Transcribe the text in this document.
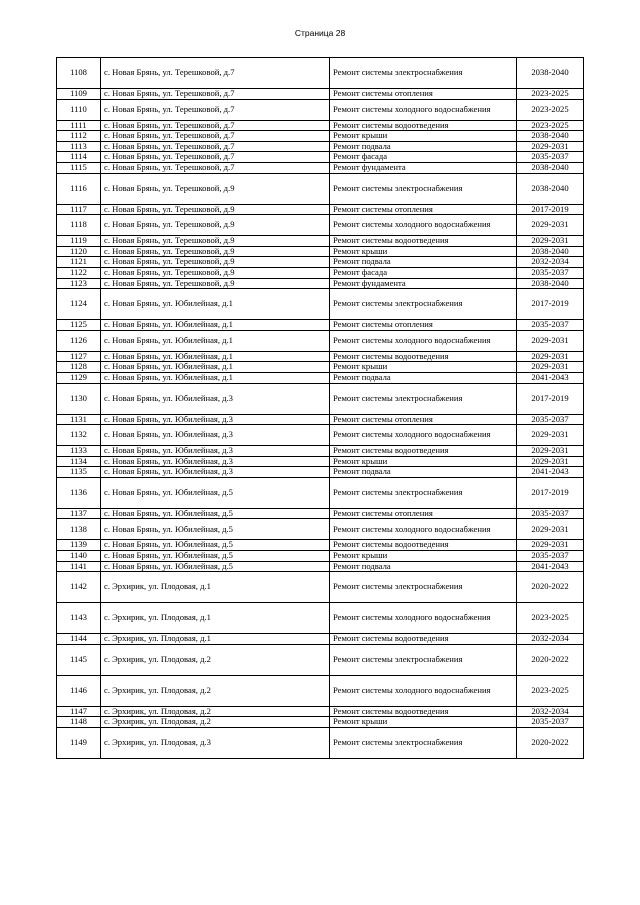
Страница 28
1108	с. Новая Брянь, ул. Терешковой, д.7	Ремонт системы электроснабжения	2038-2040
1109	с. Новая Брянь, ул. Терешковой, д.7	Ремонт системы отопления	2023-2025
1110	с. Новая Брянь, ул. Терешковой, д.7	Ремонт системы холодного водоснабжения	2023-2025
1111	с. Новая Брянь, ул. Терешковой, д.7	Ремонт системы водоотведения	2023-2025
1112	с. Новая Брянь, ул. Терешковой, д.7	Ремонт крыши	2038-2040
1113	с. Новая Брянь, ул. Терешковой, д.7	Ремонт подвала	2029-2031
1114	с. Новая Брянь, ул. Терешковой, д.7	Ремонт фасада	2035-2037
1115	с. Новая Брянь, ул. Терешковой, д.7	Ремонт фундамента	2038-2040
1116	с. Новая Брянь, ул. Терешковой, д.9	Ремонт системы электроснабжения	2038-2040
1117	с. Новая Брянь, ул. Терешковой, д.9	Ремонт системы отопления	2017-2019
1118	с. Новая Брянь, ул. Терешковой, д.9	Ремонт системы холодного водоснабжения	2029-2031
1119	с. Новая Брянь, ул. Терешковой, д.9	Ремонт системы водоотведения	2029-2031
1120	с. Новая Брянь, ул. Терешковой, д.9	Ремонт крыши	2038-2040
1121	с. Новая Брянь, ул. Терешковой, д.9	Ремонт подвала	2032-2034
1122	с. Новая Брянь, ул. Терешковой, д.9	Ремонт фасада	2035-2037
1123	с. Новая Брянь, ул. Терешковой, д.9	Ремонт фундамента	2038-2040
1124	с. Новая Брянь, ул. Юбилейная, д.1	Ремонт системы электроснабжения	2017-2019
1125	с. Новая Брянь, ул. Юбилейная, д.1	Ремонт системы отопления	2035-2037
1126	с. Новая Брянь, ул. Юбилейная, д.1	Ремонт системы холодного водоснабжения	2029-2031
1127	с. Новая Брянь, ул. Юбилейная, д.1	Ремонт системы водоотведения	2029-2031
1128	с. Новая Брянь, ул. Юбилейная, д.1	Ремонт крыши	2029-2031
1129	с. Новая Брянь, ул. Юбилейная, д.1	Ремонт подвала	2041-2043
1130	с. Новая Брянь, ул. Юбилейная, д.3	Ремонт системы электроснабжения	2017-2019
1131	с. Новая Брянь, ул. Юбилейная, д.3	Ремонт системы отопления	2035-2037
1132	с. Новая Брянь, ул. Юбилейная, д.3	Ремонт системы холодного водоснабжения	2029-2031
1133	с. Новая Брянь, ул. Юбилейная, д.3	Ремонт системы водоотведения	2029-2031
1134	с. Новая Брянь, ул. Юбилейная, д.3	Ремонт крыши	2029-2031
1135	с. Новая Брянь, ул. Юбилейная, д.3	Ремонт подвала	2041-2043
1136	с. Новая Брянь, ул. Юбилейная, д.5	Ремонт системы электроснабжения	2017-2019
1137	с. Новая Брянь, ул. Юбилейная, д.5	Ремонт системы отопления	2035-2037
1138	с. Новая Брянь, ул. Юбилейная, д.5	Ремонт системы холодного водоснабжения	2029-2031
1139	с. Новая Брянь, ул. Юбилейная, д.5	Ремонт системы водоотведения	2029-2031
1140	с. Новая Брянь, ул. Юбилейная, д.5	Ремонт крыши	2035-2037
1141	с. Новая Брянь, ул. Юбилейная, д.5	Ремонт подвала	2041-2043
1142	с. Эрхирик, ул. Плодовая, д.1	Ремонт системы электроснабжения	2020-2022
1143	с. Эрхирик, ул. Плодовая, д.1	Ремонт системы холодного водоснабжения	2023-2025
1144	с. Эрхирик, ул. Плодовая, д.1	Ремонт системы водоотведения	2032-2034
1145	с. Эрхирик, ул. Плодовая, д.2	Ремонт системы электроснабжения	2020-2022
1146	с. Эрхирик, ул. Плодовая, д.2	Ремонт системы холодного водоснабжения	2023-2025
1147	с. Эрхирик, ул. Плодовая, д.2	Ремонт системы водоотведения	2032-2034
1148	с. Эрхирик, ул. Плодовая, д.2	Ремонт крыши	2035-2037
1149	с. Эрхирик, ул. Плодовая, д.3	Ремонт системы электроснабжения	2020-2022
